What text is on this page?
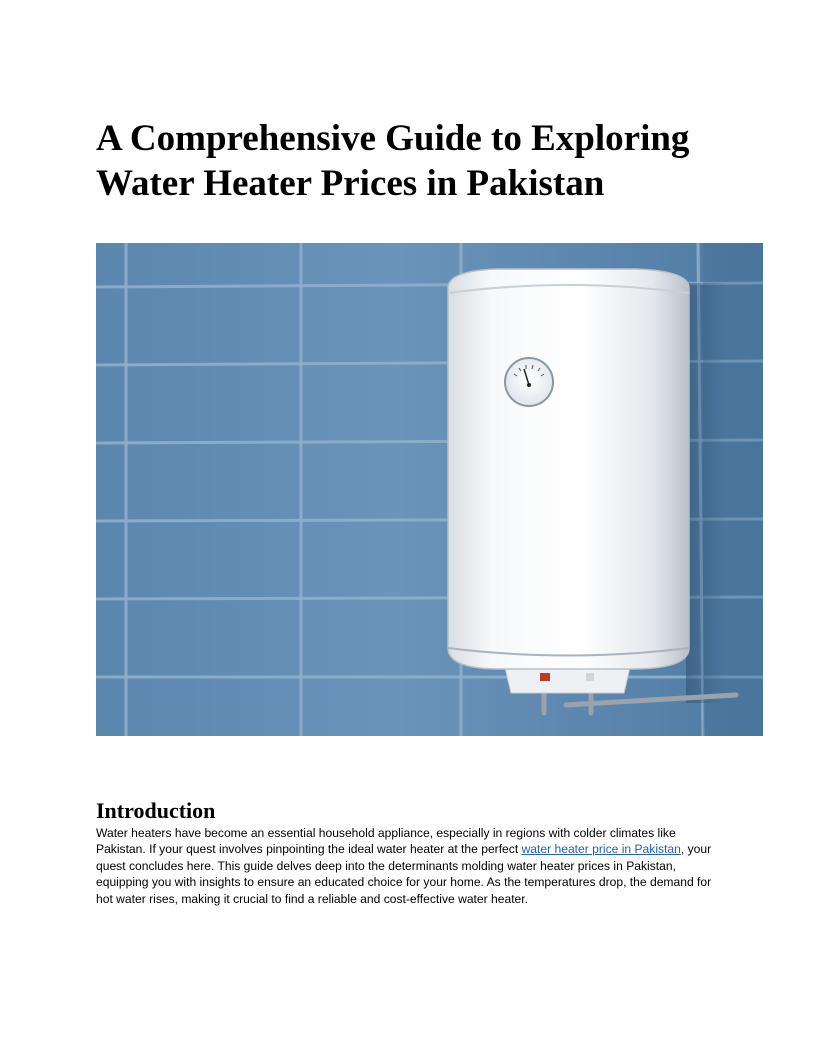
A Comprehensive Guide to Exploring
Water Heater Prices in Pakistan
Introduction

Water heaters have become an essential household appliance, especially in regions with colder climates like Pakistan. If your quest involves pinpointing the ideal water heater at the perfect water heater price in Pakistan, your quest concludes here. This guide delves deep into the determinants molding water heater prices in Pakistan, equipping you with insights to ensure an educated choice for your home. As the temperatures drop, the demand for hot water rises, making it crucial to find a reliable and cost-effective water heater.
